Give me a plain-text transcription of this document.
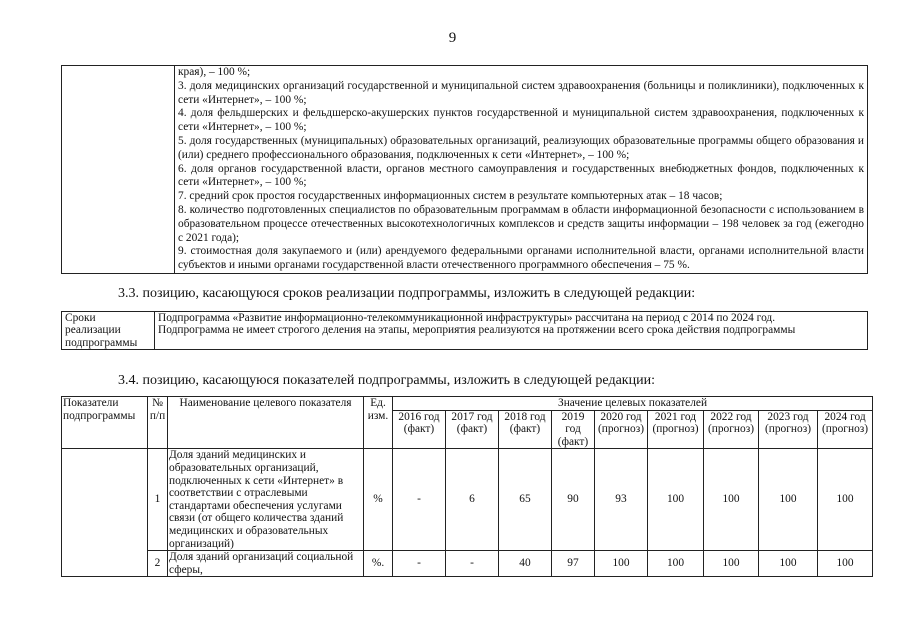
9

края), – 100 %;

3. доля медицинских организаций государственной и муниципальной систем здравоохранения (больницы и поликлиники), подключенных к сети «Интернет», – 100 %;

4. доля фельдшерских и фельдшерско-акушерских пунктов государственной и муниципальной систем здравоохранения, подключенных к сети «Интернет», – 100 %;

5. доля государственных (муниципальных) образовательных организаций, реализующих образовательные программы общего образования и (или) среднего профессионального образования, подключенных к сети «Интернет», – 100 %;

6. доля органов государственной власти, органов местного самоуправления и государственных внебюджетных фондов, подключенных к сети «Интернет», – 100 %;

7. средний срок простоя государственных информационных систем в результате компьютерных атак – 18 часов;

8. количество подготовленных специалистов по образовательным программам в области информационной безопасности с использованием в образовательном процессе отечественных высокотехнологичных комплексов и средств защиты информации – 198 человек за год (ежегодно с 2021 года);

9. стоимостная доля закупаемого и (или) арендуемого федеральными органами исполнительной власти, органами исполнительной власти субъектов и иными органами государственной власти отечественного программного обеспечения – 75 %.

3.3. позицию, касающуюся сроков реализации подпрограммы, изложить в следующей редакции:
Сроки реализации подпрограммы	
Подпрограмма «Развитие информационно-телекоммуникационной инфраструктуры» рассчитана на период с 2014 по 2024 год.
Подпрограмма не имеет строгого деления на этапы, мероприятия реализуются на протяжении всего срока действия подпрограммы
3.4. позицию, касающуюся показателей подпрограммы, изложить в следующей редакции:
Показатели подпрограммы	№ п/п	Наименование целевого показателя	Ед. изм.	Значение целевых показателей								
				2016 год (факт)	2017 год (факт)	2018 год (факт)	2019 год (факт)	2020 год (прогноз)	2021 год (прогноз)	2022 год (прогноз)	2023 год (прогноз)	2024 год (прогноз)
	1	Доля зданий медицинских и образовательных организаций, подключенных к сети «Интернет» в соответствии с отраслевыми стандартами обеспечения услугами связи (от общего количества зданий медицинских и образовательных организаций)	%	-	6	65	90	93	100	100	100	100
	2	Доля зданий организаций социальной сферы,	%.	-	-	40	97	100	100	100	100	100
